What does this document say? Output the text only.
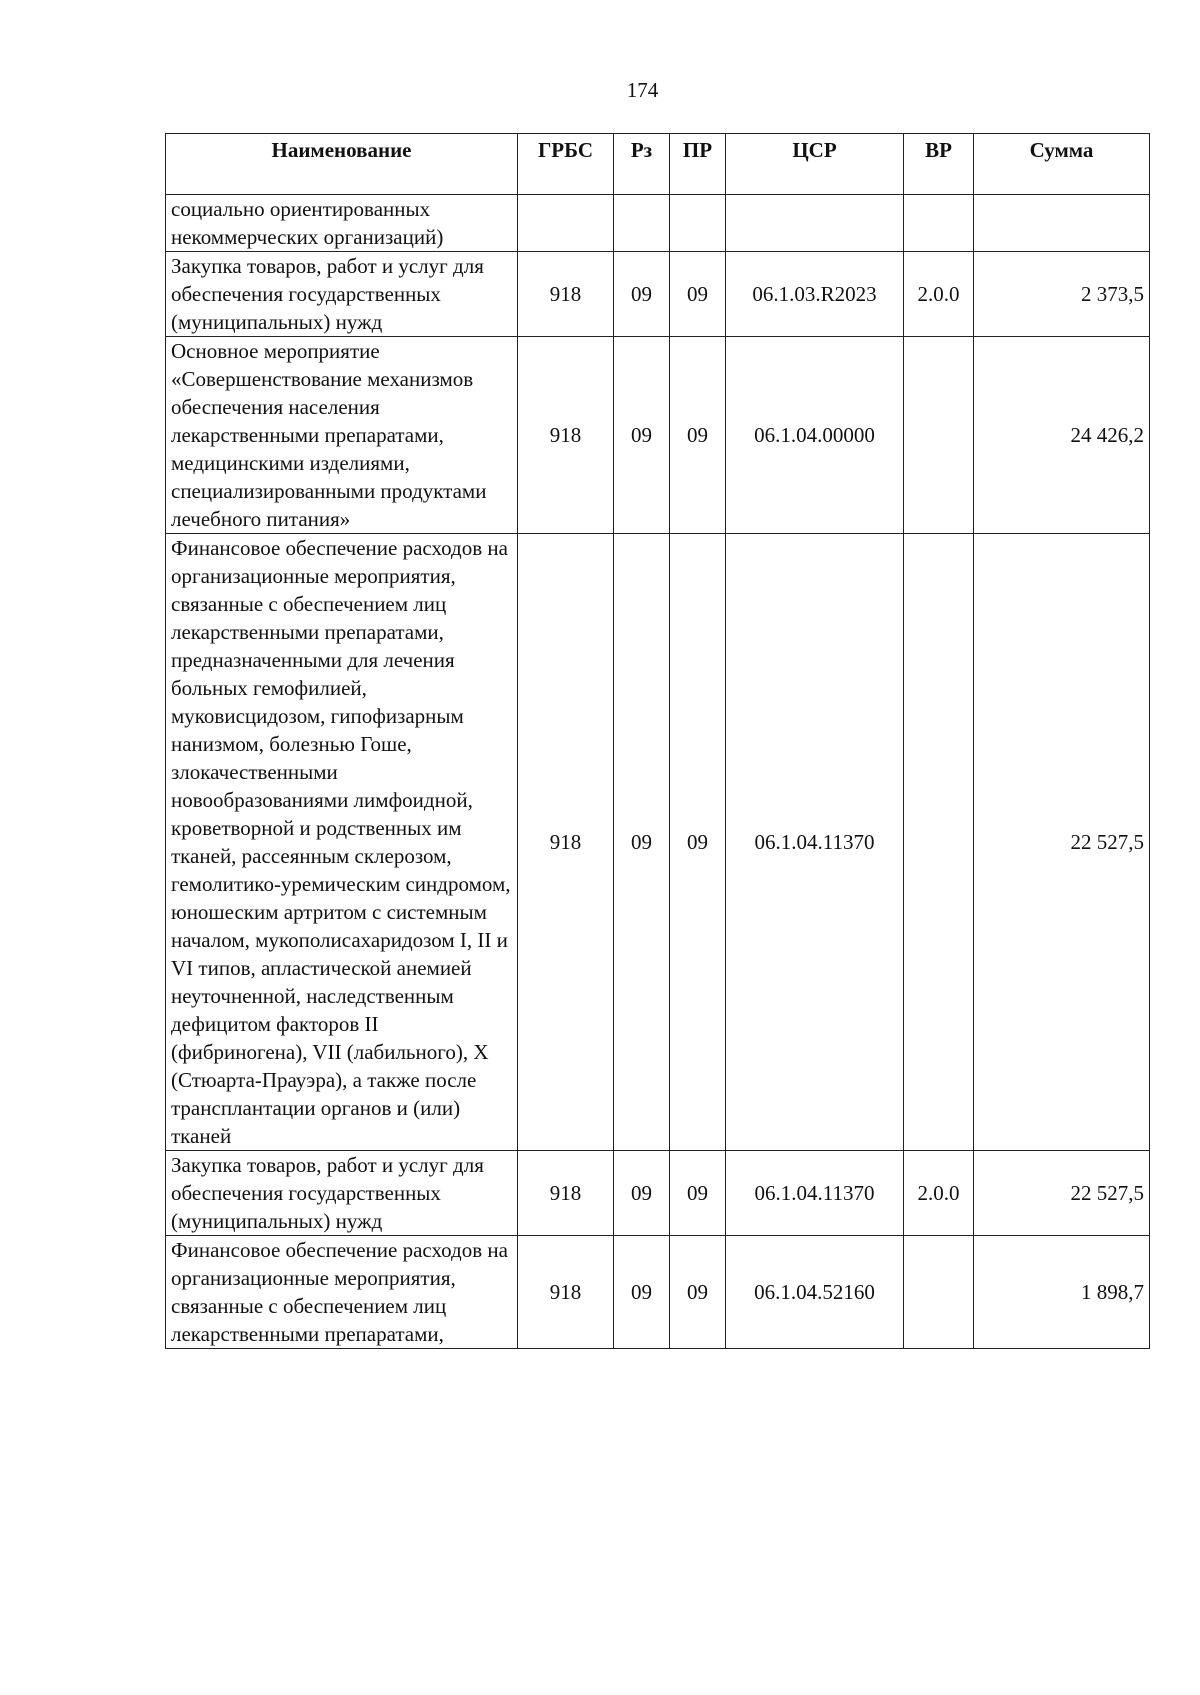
174
Наименование	ГРБС	Рз	ПР	ЦСР	ВР	Сумма
социально ориентированных некоммерческих организаций)						
Закупка товаров, работ и услуг для обеспечения государственных (муниципальных) нужд	918	09	09	06.1.03.R2023	2.0.0	2 373,5
Основное мероприятие «Совершенствование механизмов обеспечения населения лекарственными препаратами, медицинскими изделиями, специализированными продуктами лечебного питания»	918	09	09	06.1.04.00000		24 426,2
Финансовое обеспечение расходов на организационные мероприятия, связанные с обеспечением лиц лекарственными препаратами, предназначенными для лечения больных гемофилией, муковисцидозом, гипофизарным нанизмом, болезнью Гоше, злокачественными новообразованиями лимфоидной, кроветворной и родственных им тканей, рассеянным склерозом, гемолитико-уремическим синдромом, юношеским артритом с системным началом, мукополисахаридозом I, II и VI типов, апластической анемией неуточненной, наследственным дефицитом факторов II (фибриногена), VII (лабильного), X (Стюарта-Прауэра), а также после трансплантации органов и (или) тканей	918	09	09	06.1.04.11370		22 527,5
Закупка товаров, работ и услуг для обеспечения государственных (муниципальных) нужд	918	09	09	06.1.04.11370	2.0.0	22 527,5
Финансовое обеспечение расходов на организационные мероприятия, связанные с обеспечением лиц лекарственными препаратами,	918	09	09	06.1.04.52160		1 898,7
